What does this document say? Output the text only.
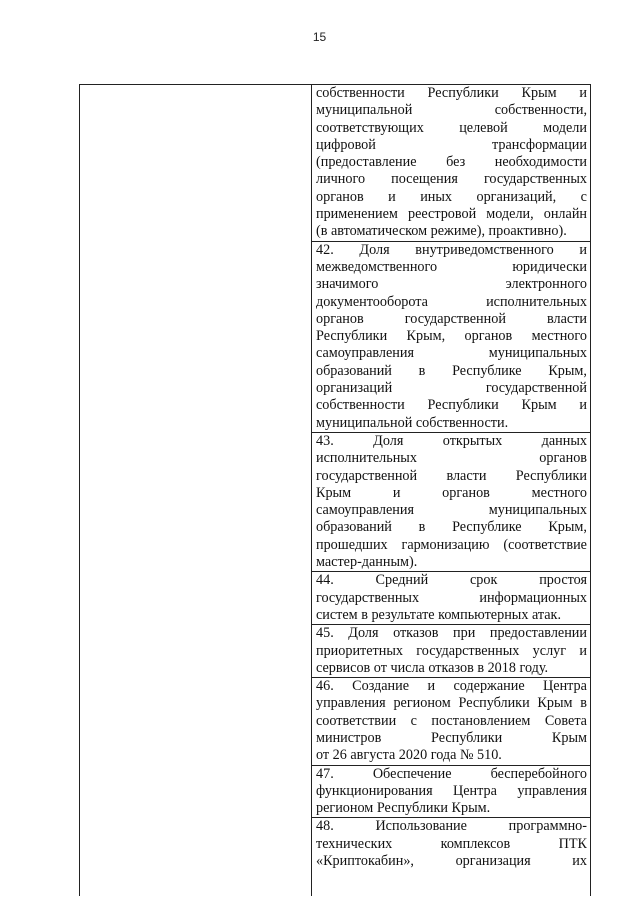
15
собственности Республики Крым и
муниципальной	собственности,
соответствующих целевой модели
цифровой	трансформации
(предоставление без необходимости
личного посещения государственных
органов и иных организаций, с
применением реестровой модели, онлайн
(в автоматическом режиме), проактивно).
42. Доля внутриведомственного и
межведомственного	юридически
значимого	электронного
документооборота	исполнительных
органов	государственной	власти
Республики Крым, органов местного
самоуправления	муниципальных
образований в Республике Крым,
организаций	государственной
собственности Республики Крым и
муниципальной собственности.
43.	Доля	открытых	данных
исполнительных	органов
государственной власти Республики
Крым	и	органов	местного
самоуправления	муниципальных
образований в Республике Крым,
прошедших гармонизацию (соответствие
мастер-данным).
44.	Средний	срок	простоя
государственных	информационных
систем в результате компьютерных атак.
45. Доля отказов при предоставлении
приоритетных государственных услуг и
сервисов от числа отказов в 2018 году.
46. Создание и содержание Центра
управления регионом Республики Крым в
соответствии с постановлением Совета
министров	Республики	Крым
от 26 августа 2020 года № 510.
47.	Обеспечение	бесперебойного
функционирования Центра управления
регионом Республики Крым.
48.	Использование	программно-
технических	комплексов	ПТК
«Криптокабин»,	организация	их
